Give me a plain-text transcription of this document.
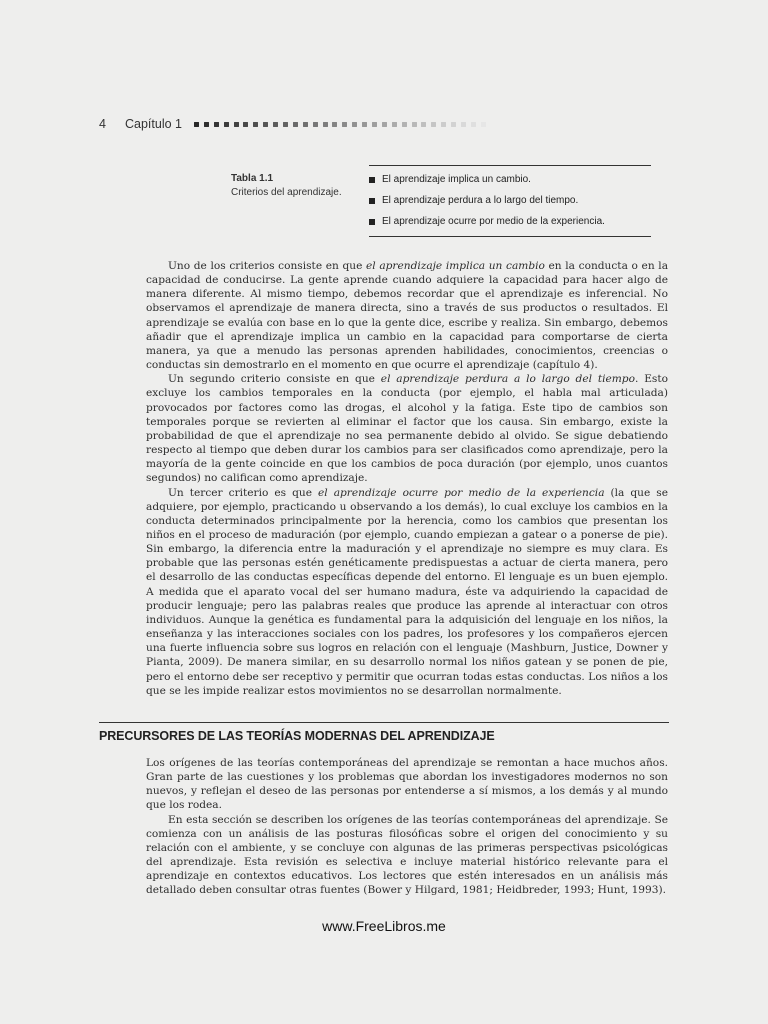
4	Capítulo 1
Tabla 1.1
Criterios del aprendizaje.
El aprendizaje implica un cambio.
El aprendizaje perdura a lo largo del tiempo.
El aprendizaje ocurre por medio de la experiencia.

Uno de los criterios consiste en que el aprendizaje implica un cambio en la conducta o en la capacidad de conducirse. La gente aprende cuando adquiere la capacidad para hacer algo de manera diferente. Al mismo tiempo, debemos recordar que el aprendizaje es inferencial. No observamos el aprendizaje de manera directa, sino a través de sus productos o resultados. El aprendizaje se evalúa con base en lo que la gente dice, escribe y realiza. Sin embargo, debemos añadir que el aprendizaje implica un cambio en la capacidad para comportarse de cierta manera, ya que a menudo las personas aprenden habilidades, conocimientos, creencias o conductas sin demostrarlo en el momento en que ocurre el aprendizaje (capítulo 4).

Un segundo criterio consiste en que el aprendizaje perdura a lo largo del tiempo. Esto excluye los cambios temporales en la conducta (por ejemplo, el habla mal articulada) provocados por factores como las drogas, el alcohol y la fatiga. Este tipo de cambios son temporales porque se revierten al eliminar el factor que los causa. Sin embargo, existe la probabilidad de que el aprendizaje no sea permanente debido al olvido. Se sigue debatiendo respecto al tiempo que deben durar los cambios para ser clasificados como aprendizaje, pero la mayoría de la gente coincide en que los cambios de poca duración (por ejemplo, unos cuantos segundos) no califican como aprendizaje.

Un tercer criterio es que el aprendizaje ocurre por medio de la experiencia (la que se adquiere, por ejemplo, practicando u observando a los demás), lo cual excluye los cambios en la conducta determinados principalmente por la herencia, como los cambios que presentan los niños en el proceso de maduración (por ejemplo, cuando empiezan a gatear o a ponerse de pie). Sin embargo, la diferencia entre la maduración y el aprendizaje no siempre es muy clara. Es probable que las personas estén genéticamente predispuestas a actuar de cierta manera, pero el desarrollo de las conductas específicas depende del entorno. El lenguaje es un buen ejemplo. A medida que el aparato vocal del ser humano madura, éste va adquiriendo la capacidad de producir lenguaje; pero las palabras reales que produce las aprende al interactuar con otros individuos. Aunque la genética es fundamental para la adquisición del lenguaje en los niños, la enseñanza y las interacciones sociales con los padres, los profesores y los compañeros ejercen una fuerte influencia sobre sus logros en relación con el lenguaje (Mashburn, Justice, Downer y Pianta, 2009). De manera similar, en su desarrollo normal los niños gatean y se ponen de pie, pero el entorno debe ser receptivo y permitir que ocurran todas estas conductas. Los niños a los que se les impide realizar estos movimientos no se desarrollan normalmente.

PRECURSORES DE LAS TEORÍAS MODERNAS DEL APRENDIZAJE

Los orígenes de las teorías contemporáneas del aprendizaje se remontan a hace muchos años. Gran parte de las cuestiones y los problemas que abordan los investigadores modernos no son nuevos, y reflejan el deseo de las personas por entenderse a sí mismos, a los demás y al mundo que los rodea.

En esta sección se describen los orígenes de las teorías contemporáneas del aprendizaje. Se comienza con un análisis de las posturas filosóficas sobre el origen del conocimiento y su relación con el ambiente, y se concluye con algunas de las primeras perspectivas psicológicas del aprendizaje. Esta revisión es selectiva e incluye material histórico relevante para el aprendizaje en contextos educativos. Los lectores que estén interesados en un análisis más detallado deben consultar otras fuentes (Bower y Hilgard, 1981; Heidbreder, 1993; Hunt, 1993).

www.FreeLibros.me
